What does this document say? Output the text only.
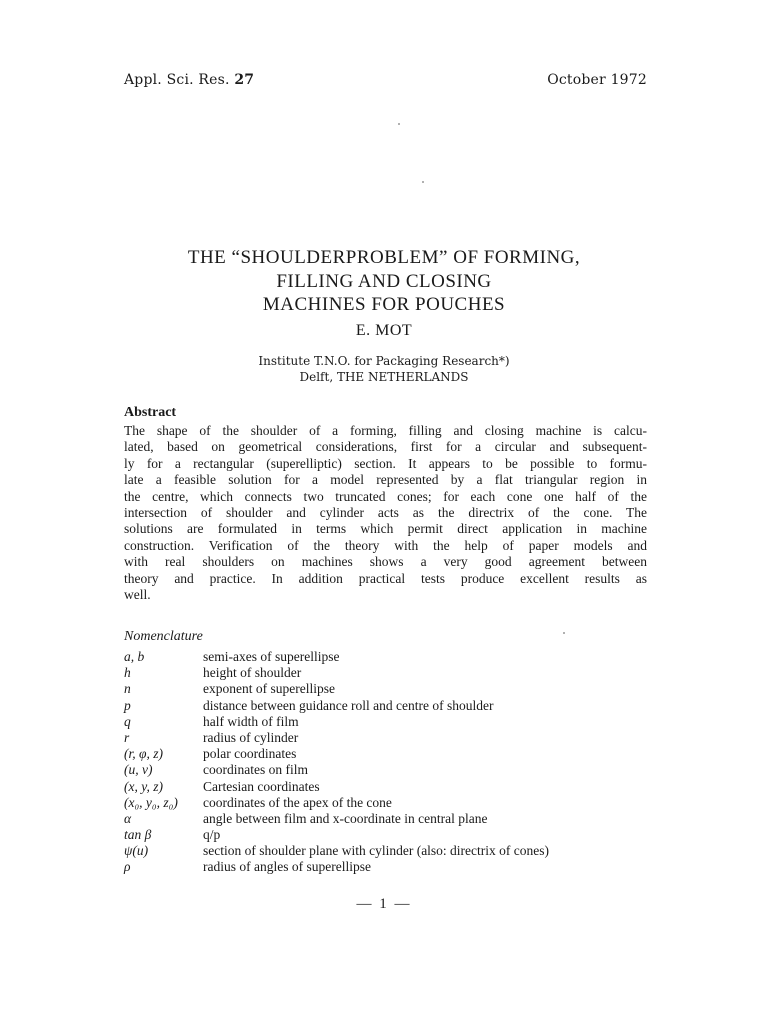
Appl. Sci. Res. 27	October 1972
THE “SHOULDERPROBLEM” OF FORMING,
FILLING AND CLOSING
MACHINES FOR POUCHES
E. MOT
Institute T.N.O. for Packaging Research*)
Delft, THE NETHERLANDS
Abstract
The shape of the shoulder of a forming, filling and closing machine is calcu-
lated, based on geometrical considerations, first for a circular and subsequent-
ly for a rectangular (superelliptic) section. It appears to be possible to formu-
late a feasible solution for a model represented by a flat triangular region in
the centre, which connects two truncated cones; for each cone one half of the
intersection of shoulder and cylinder acts as the directrix of the cone. The
solutions are formulated in terms which permit direct application in machine
construction. Verification of the theory with the help of paper models and
with real shoulders on machines shows a very good agreement between
theory and practice. In addition practical tests produce excellent results as
well.
Nomenclature
a, b	semi-axes of superellipse
h	height of shoulder
n	exponent of superellipse
p	distance between guidance roll and centre of shoulder
q	half width of film
r	radius of cylinder
(r, φ, z)	polar coordinates
(u, v)	coordinates on film
(x, y, z)	Cartesian coordinates
(x₀, y₀, z₀) coordinates of the apex of the cone
α	angle between film and x-coordinate in central plane
tan β	q/p
ψ(u)	section of shoulder plane with cylinder (also: directrix of cones)
ρ	radius of angles of superellipse
— 1 —
